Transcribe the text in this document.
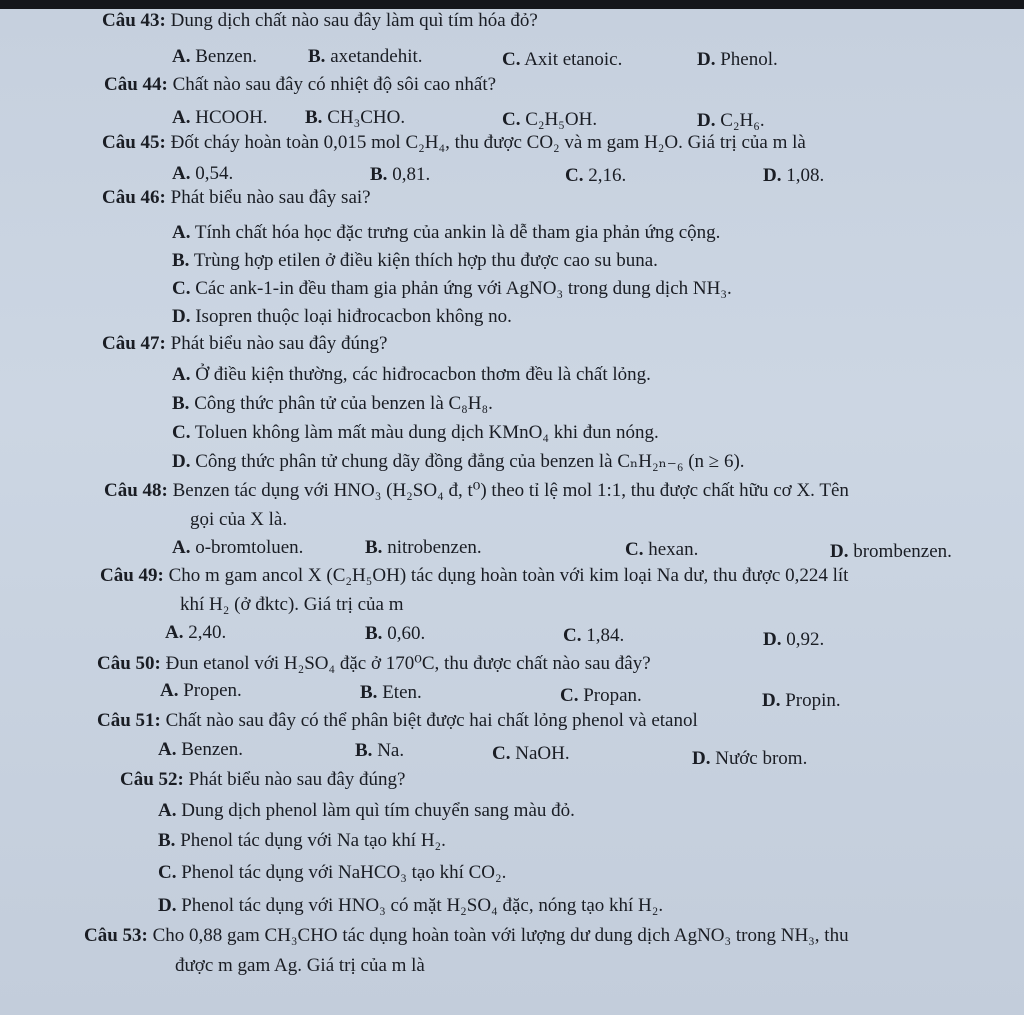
Câu 43: Dung dịch chất nào sau đây làm quì tím hóa đỏ?
A. Benzen.	B. axetandehit.	C. Axit etanoic.	D. Phenol.
Câu 44: Chất nào sau đây có nhiệt độ sôi cao nhất?
A. HCOOH. B. CH₃CHO.	C. C₂H₅OH.	D. C₂H₆.
Câu 45: Đốt cháy hoàn toàn 0,015 mol C₂H₄, thu được CO₂ và m gam H₂O. Giá trị của m là
A. 0,54.	B. 0,81.	C. 2,16.	D. 1,08.
Câu 46: Phát biểu nào sau đây sai?
A. Tính chất hóa học đặc trưng của ankin là dễ tham gia phản ứng cộng.
B. Trùng hợp etilen ở điều kiện thích hợp thu được cao su buna.
C. Các ank-1-in đều tham gia phản ứng với AgNO₃ trong dung dịch NH₃.
D. Isopren thuộc loại hiđrocacbon không no.
Câu 47: Phát biểu nào sau đây đúng?
A. Ở điều kiện thường, các hiđrocacbon thơm đều là chất lỏng.
B. Công thức phân tử của benzen là C₈H₈.
C. Toluen không làm mất màu dung dịch KMnO₄ khi đun nóng.
D. Công thức phân tử chung dãy đồng đẳng của benzen là CₙH₂ₙ₋₆ (n ≥ 6).
Câu 48: Benzen tác dụng với HNO₃ (H₂SO₄ đ, t⁰) theo tỉ lệ mol 1:1, thu được chất hữu cơ X. Tên
gọi của X là.
A. o-bromtoluen.	B. nitrobenzen.	C. hexan.	D. brombenzen.
Câu 49: Cho m gam ancol X (C₂H₅OH) tác dụng hoàn toàn với kim loại Na dư, thu được 0,224 lít
khí H₂ (ở đktc). Giá trị của m
A. 2,40.	B. 0,60.	C. 1,84.	D. 0,92.
Câu 50: Đun etanol với H₂SO₄ đặc ở 170⁰C, thu được chất nào sau đây?
A. Propen.	B. Eten.	C. Propan.	D. Propin.
Câu 51: Chất nào sau đây có thể phân biệt được hai chất lỏng phenol và etanol
A. Benzen.	B. Na.	C. NaOH.	D. Nước brom.
Câu 52: Phát biểu nào sau đây đúng?
A. Dung dịch phenol làm quì tím chuyển sang màu đỏ.
B. Phenol tác dụng với Na tạo khí H₂.
C. Phenol tác dụng với NaHCO₃ tạo khí CO₂.
D. Phenol tác dụng với HNO₃ có mặt H₂SO₄ đặc, nóng tạo khí H₂.
Câu 53: Cho 0,88 gam CH₃CHO tác dụng hoàn toàn với lượng dư dung dịch AgNO₃ trong NH₃, thu
được m gam Ag. Giá trị của m là
